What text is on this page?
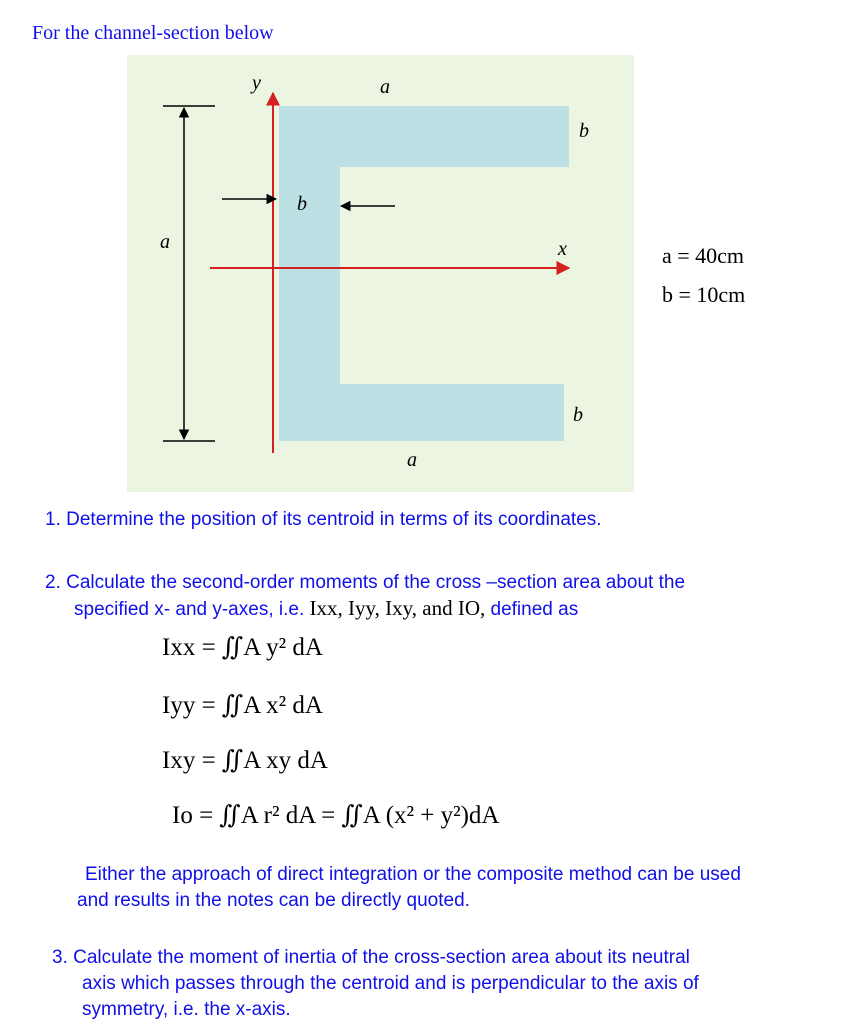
For the channel-section below
y
x
a
a
a
b
b
b
a = 40cm
b = 10cm
1. Determine the position of its centroid in terms of its coordinates.
2. Calculate the second-order moments of the cross –section area about the
specified x- and y-axes, i.e. Ixx, Iyy, Ixy, and IO, defined as
Ixx = ∬A y² dA
Iyy = ∬A x² dA
Ixy = ∬A xy dA
Io = ∬A r² dA = ∬A (x² + y²)dA
Either the approach of direct integration or the composite method can be used
and results in the notes can be directly quoted.
3. Calculate the moment of inertia of the cross-section area about its neutral
axis which passes through the centroid and is perpendicular to the axis of
symmetry, i.e. the x-axis.
